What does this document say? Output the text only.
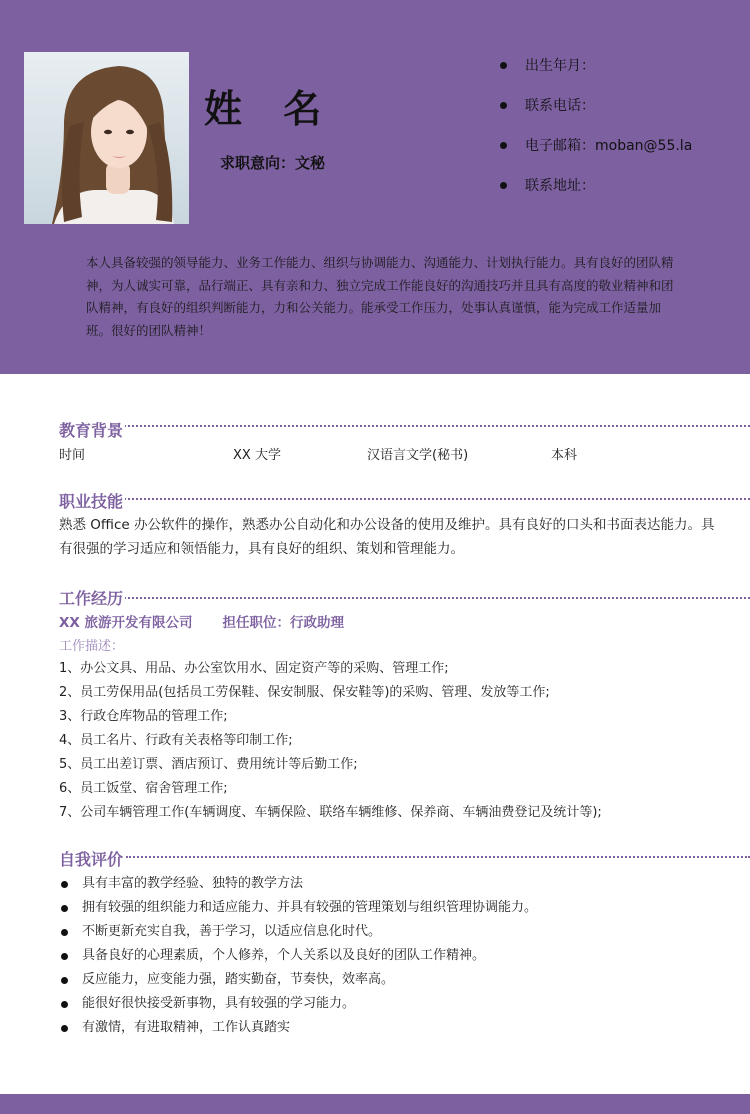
姓 名
求职意向：文秘
出生年月：
联系电话：
电子邮箱：moban@55.la
联系地址：

本人具备较强的领导能力、业务工作能力、组织与协调能力、沟通能力、计划执行能力。具有良好的团队精神，为人诚实可靠，品行端正、具有亲和力、独立完成工作能良好的沟通技巧并且具有高度的敬业精神和团队精神，有良好的组织判断能力，力和公关能力。能承受工作压力，处事认真谨慎，能为完成工作适量加班。很好的团队精神！

教育背景
时间	XX 大学	汉语言文学(秘书)	本科
职业技能

熟悉 Office 办公软件的操作，熟悉办公自动化和办公设备的使用及维护。具有良好的口头和书面表达能力。具有很强的学习适应和领悟能力，具有良好的组织、策划和管理能力。

工作经历
XX 旅游开发有限公司 担任职位：行政助理
工作描述：
1、办公文具、用品、办公室饮用水、固定资产等的采购、管理工作;
2、员工劳保用品(包括员工劳保鞋、保安制服、保安鞋等)的采购、管理、发放等工作;
3、行政仓库物品的管理工作;
4、员工名片、行政有关表格等印制工作;
5、员工出差订票、酒店预订、费用统计等后勤工作;
6、员工饭堂、宿舍管理工作;
7、公司车辆管理工作(车辆调度、车辆保险、联络车辆维修、保养商、车辆油费登记及统计等);
自我评价
具有丰富的教学经验、独特的教学方法
拥有较强的组织能力和适应能力、并具有较强的管理策划与组织管理协调能力。
不断更新充实自我，善于学习，以适应信息化时代。
具备良好的心理素质，个人修养，个人关系以及良好的团队工作精神。
反应能力，应变能力强，踏实勤奋，节奏快，效率高。
能很好很快接受新事物，具有较强的学习能力。
有激情，有进取精神，工作认真踏实
